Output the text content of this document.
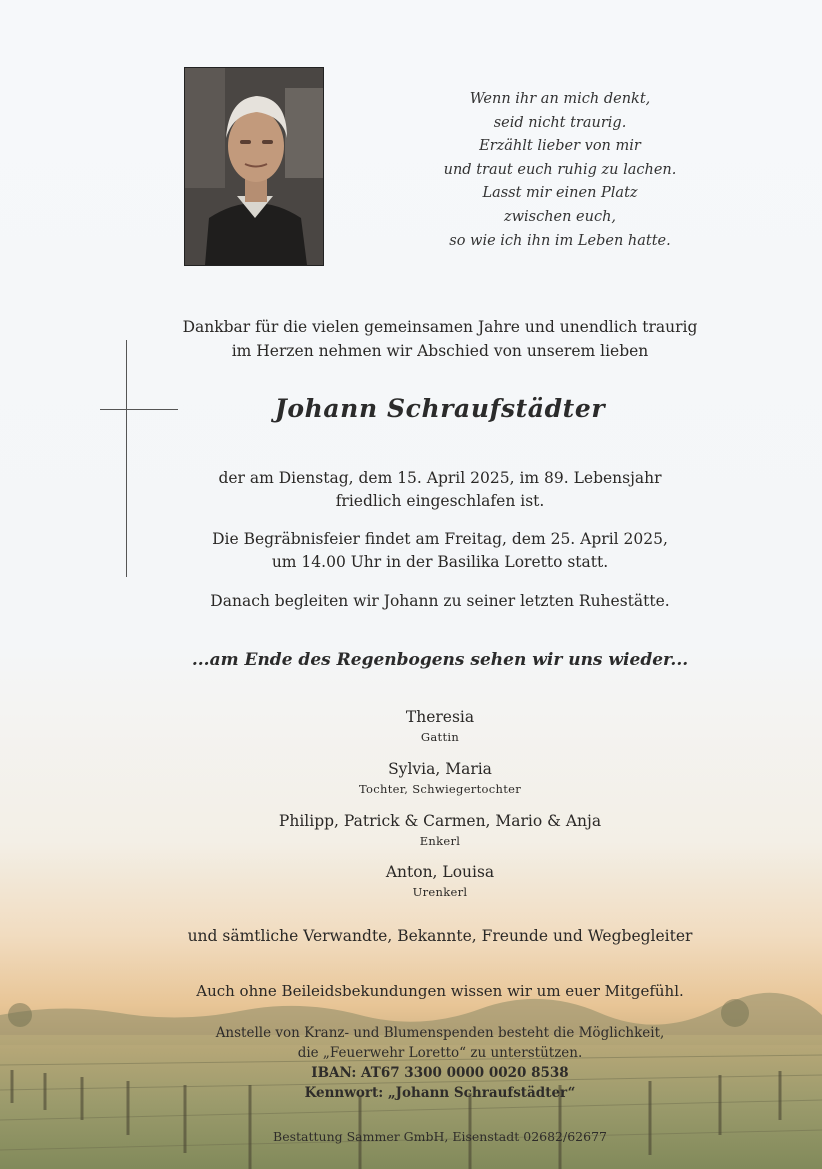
Wenn ihr an mich denkt,
seid nicht traurig.
Erzählt lieber von mir
und traut euch ruhig zu lachen.
Lasst mir einen Platz
zwischen euch,
so wie ich ihn im Leben hatte.
Dankbar für die vielen gemeinsamen Jahre und unendlich traurig
im Herzen nehmen wir Abschied von unserem lieben
Johann Schraufstädter
der am Dienstag, dem 15. April 2025, im 89. Lebensjahr
friedlich eingeschlafen ist.
Die Begräbnisfeier findet am Freitag, dem 25. April 2025,
um 14.00 Uhr in der Basilika Loretto statt.
Danach begleiten wir Johann zu seiner letzten Ruhestätte.
...am Ende des Regenbogens sehen wir uns wieder...
Theresia
Gattin
Sylvia, Maria
Tochter, Schwiegertochter
Philipp, Patrick & Carmen, Mario & Anja
Enkerl
Anton, Louisa
Urenkerl
und sämtliche Verwandte, Bekannte, Freunde und Wegbegleiter
Auch ohne Beileidsbekundungen wissen wir um euer Mitgefühl.
Anstelle von Kranz- und Blumenspenden besteht die Möglichkeit,
die „Feuerwehr Loretto“ zu unterstützen.
IBAN: AT67 3300 0000 0020 8538
Kennwort: „Johann Schraufstädter“
Bestattung Sammer GmbH, Eisenstadt 02682/62677
